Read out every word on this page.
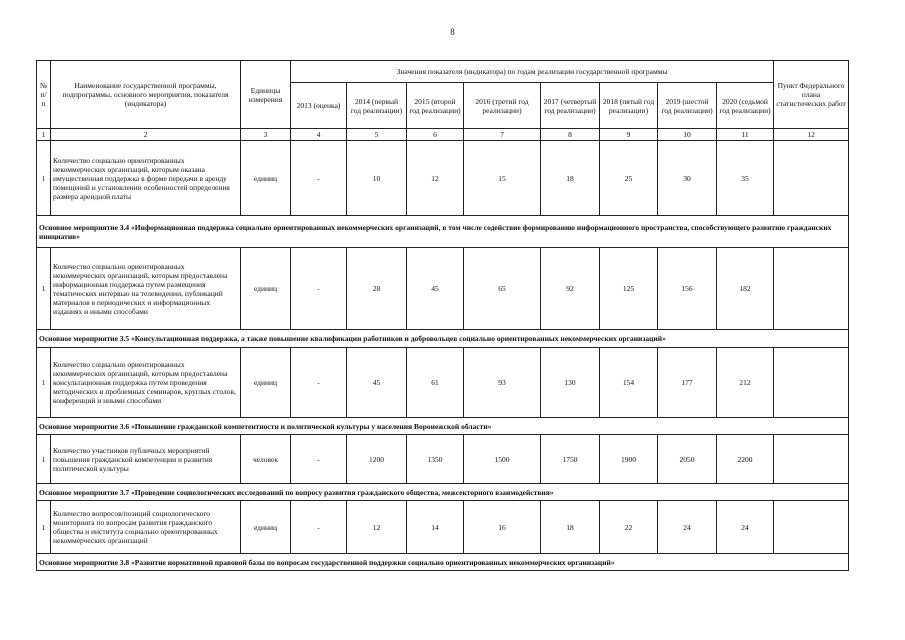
8
№ п/п	Наименование государственной программы, подпрограммы, основного мероприятия, показателя (индикатора)	Единицы измерения	Значения показателя (индикатора) по годам реализации государственной программы								Пункт Федерального плана статистических работ
			2013 (оценка)	2014 (первый год реализации)	2015 (второй год реализации)	2016 (третий год реализации)	2017 (четвертый год реализации)	2018 (пятый год реализации)	2019 (шестой год реализации)	2020 (седьмой год реализации)	
1	2	3	4	5	6	7	8	9	10	11	12
1	Количество социально ориентированных некоммерческих организаций, которым оказана имущественная поддержка в форме передачи в аренду помещений и установлении особенностей определения размера арендной платы	единиц	-	10	12	15	18	25	30	35	
Основное мероприятие 3.4 «Информационная поддержка социально ориентированных некоммерческих организаций, в том числе содействие формированию информационного пространства, способствующего развитию гражданских инициатив»											
1	Количество социально ориентированных некоммерческих организаций, которым предоставлена информационная поддержка путем размещения тематических интервью на телевидении, публикаций материалов в периодических и информационных изданиях и иными способами	единиц	-	28	45	65	92	125	156	182	
Основное мероприятие 3.5 «Консультационная поддержка, а также повышение квалификации работников и добровольцев социально ориентированных некоммерческих организаций»											
1	Количество социально ориентированных некоммерческих организаций, которым предоставлена консультационная поддержка путем проведения методических и проблемных семинаров, круглых столов, конференций и иными способами	единиц	-	45	61	93	130	154	177	212	
Основное мероприятие 3.6 «Повышение гражданской компетентности и политической культуры у населения Воронежской области»											
1	Количество участников публичных мероприятий повышения гражданской компетенции и развития политической культуры	человек	-	1200	1350	1500	1750	1900	2050	2200	
Основное мероприятие 3.7 «Проведение социологических исследований по вопросу развития гражданского общества, межсекторного взаимодействия»											
1	Количество вопросов/позиций социологического мониторинга по вопросам развития гражданского общества и института социально ориентированных некоммерческих организаций	единиц	-	12	14	16	18	22	24	24	
Основное мероприятие 3.8 «Развитие нормативной правовой базы по вопросам государственной поддержки социально ориентированных некоммерческих организаций»											
